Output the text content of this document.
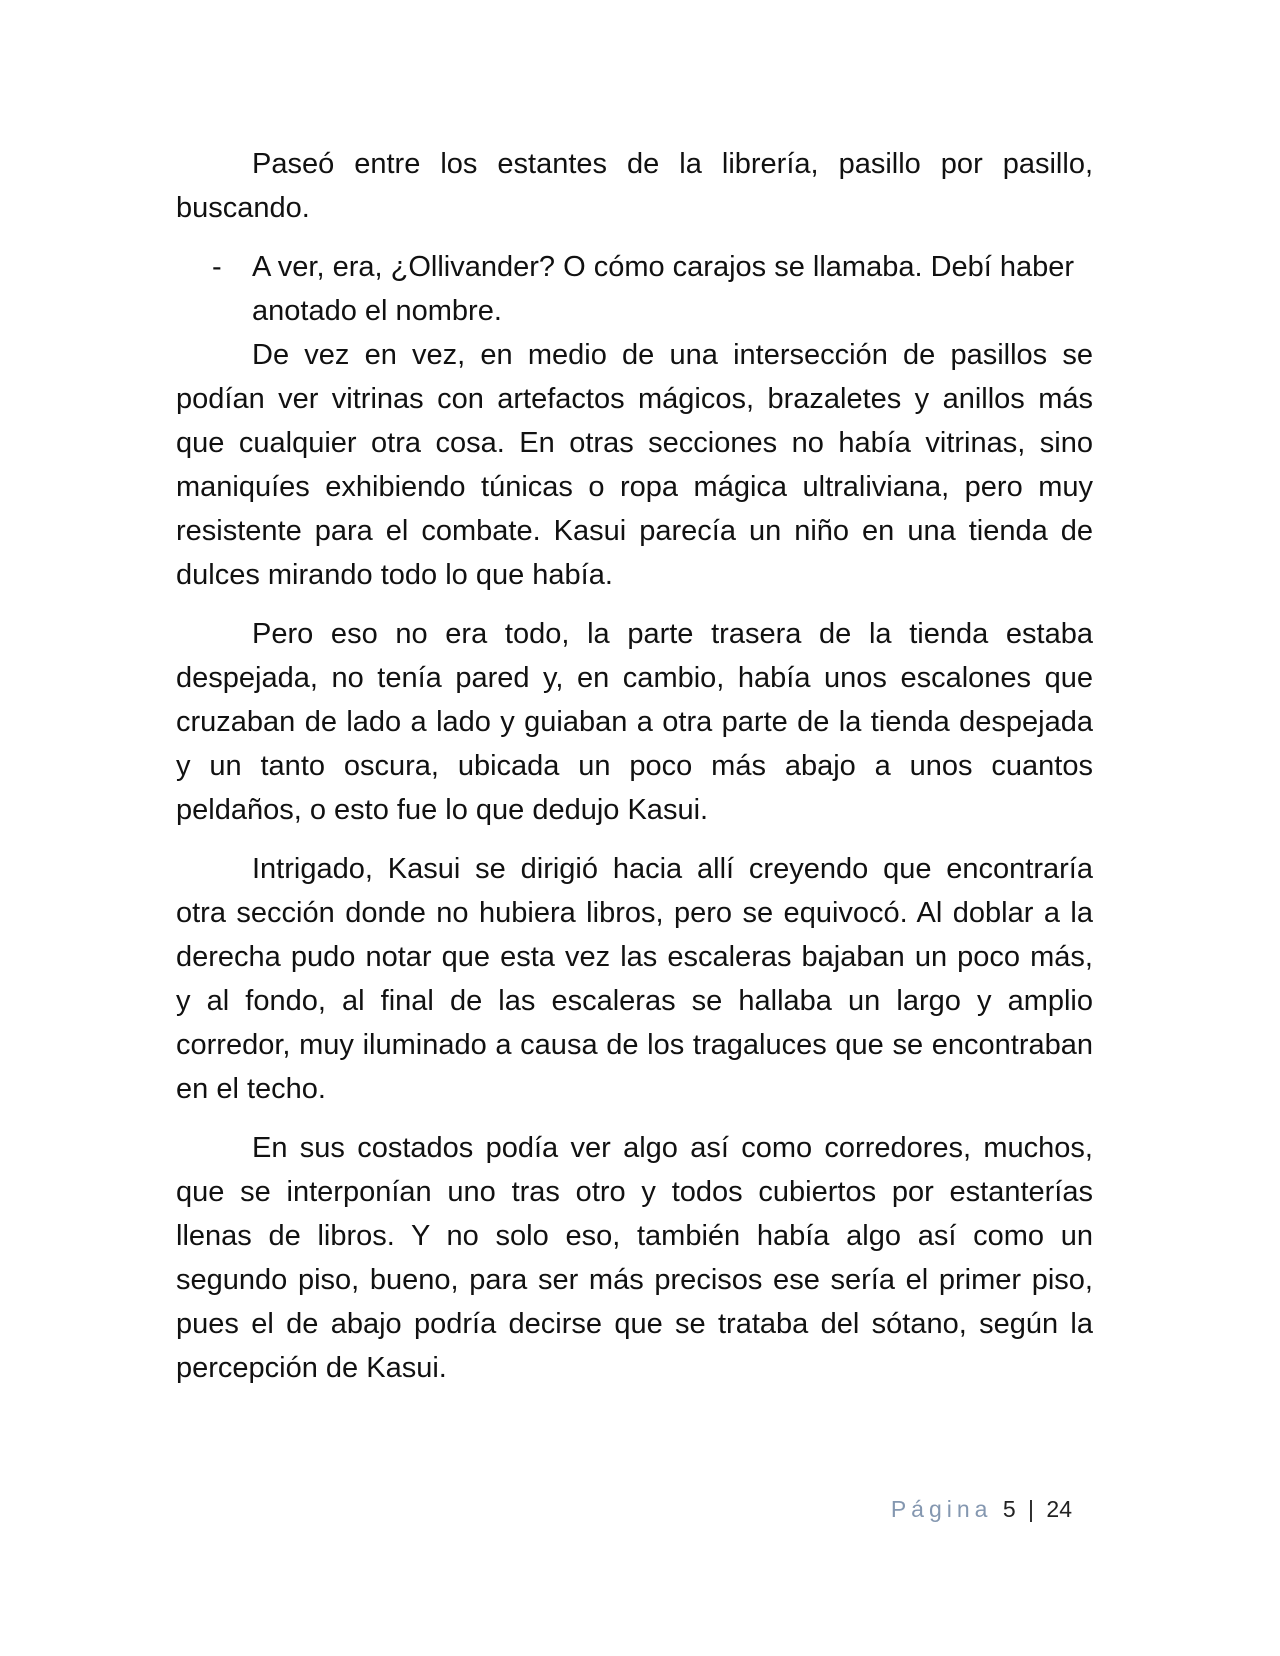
Paseó entre los estantes de la librería, pasillo por pasillo, buscando.

- A ver, era, ¿Ollivander? O cómo carajos se llamaba. Debí haber anotado el nombre.

De vez en vez, en medio de una intersección de pasillos se podían ver vitrinas con artefactos mágicos, brazaletes y anillos más que cualquier otra cosa. En otras secciones no había vitrinas, sino maniquíes exhibiendo túnicas o ropa mágica ultraliviana, pero muy resistente para el combate. Kasui parecía un niño en una tienda de dulces mirando todo lo que había.

Pero eso no era todo, la parte trasera de la tienda estaba despejada, no tenía pared y, en cambio, había unos escalones que cruzaban de lado a lado y guiaban a otra parte de la tienda despejada y un tanto oscura, ubicada un poco más abajo a unos cuantos peldaños, o esto fue lo que dedujo Kasui.

Intrigado, Kasui se dirigió hacia allí creyendo que encontraría otra sección donde no hubiera libros, pero se equivocó. Al doblar a la derecha pudo notar que esta vez las escaleras bajaban un poco más, y al fondo, al final de las escaleras se hallaba un largo y amplio corredor, muy iluminado a causa de los tragaluces que se encontraban en el techo.

En sus costados podía ver algo así como corredores, muchos, que se interponían uno tras otro y todos cubiertos por estanterías llenas de libros. Y no solo eso, también había algo así como un segundo piso, bueno, para ser más precisos ese sería el primer piso, pues el de abajo podría decirse que se trataba del sótano, según la percepción de Kasui.

Página 5 | 24
